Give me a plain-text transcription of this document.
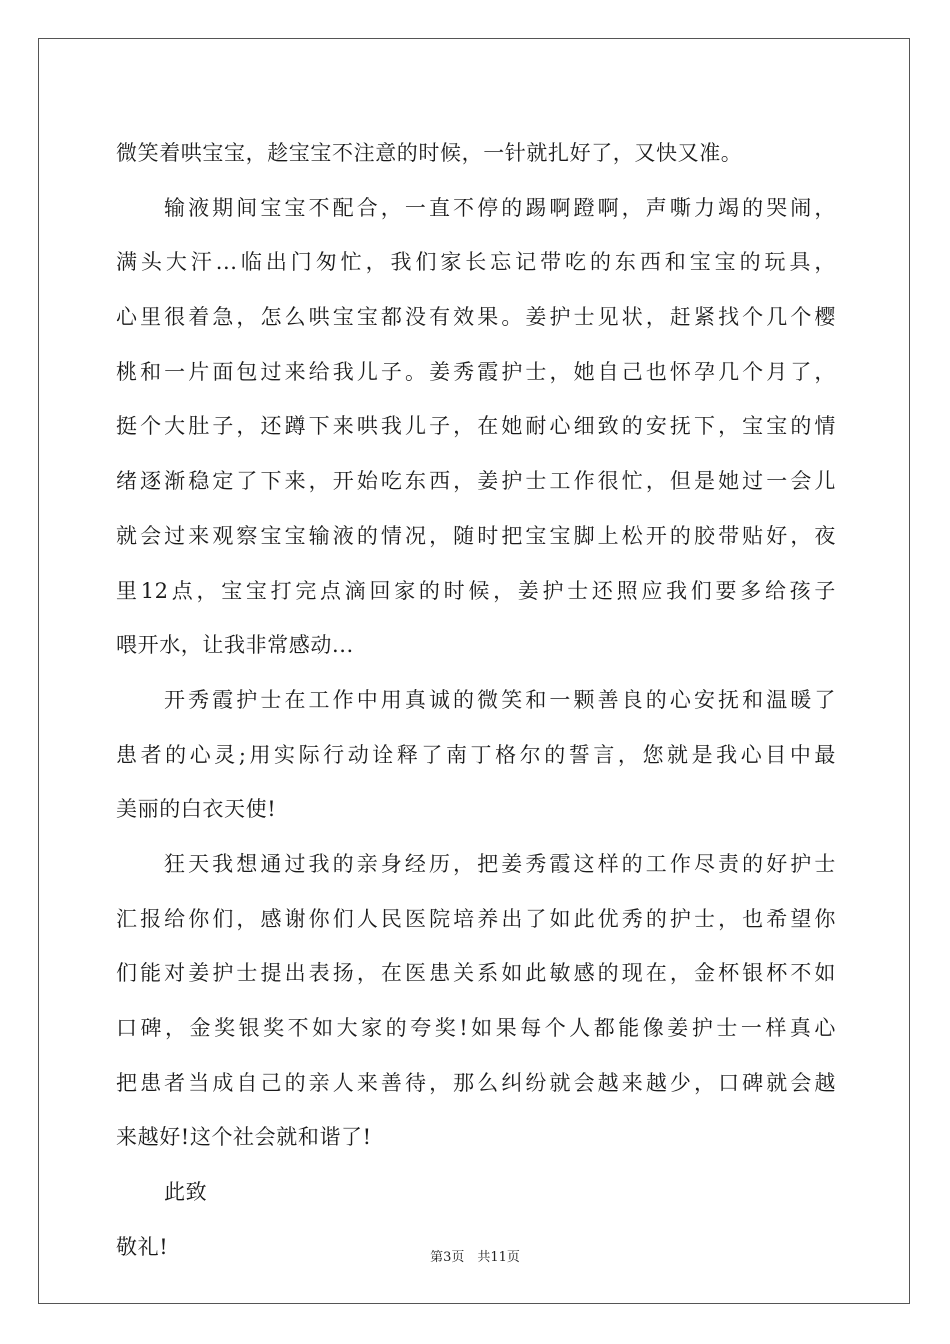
微笑着哄宝宝，趁宝宝不注意的时候，一针就扎好了，又快又准。
输液期间宝宝不配合，一直不停的踢啊蹬啊，声嘶力竭的哭闹，
满头大汗...临出门匆忙，我们家长忘记带吃的东西和宝宝的玩具，
心里很着急，怎么哄宝宝都没有效果。姜护士见状，赶紧找个几个樱
桃和一片面包过来给我儿子。姜秀霞护士，她自己也怀孕几个月了，
挺个大肚子，还蹲下来哄我儿子，在她耐心细致的安抚下，宝宝的情
绪逐渐稳定了下来，开始吃东西，姜护士工作很忙，但是她过一会儿
就会过来观察宝宝输液的情况，随时把宝宝脚上松开的胶带贴好，夜
里12点，宝宝打完点滴回家的时候，姜护士还照应我们要多给孩子
喂开水，让我非常感动...
开秀霞护士在工作中用真诚的微笑和一颗善良的心安抚和温暖了
患者的心灵;用实际行动诠释了南丁格尔的誓言，您就是我心目中最
美丽的白衣天使!
狂天我想通过我的亲身经历，把姜秀霞这样的工作尽责的好护士
汇报给你们，感谢你们人民医院培养出了如此优秀的护士，也希望你
们能对姜护士提出表扬，在医患关系如此敏感的现在，金杯银杯不如
口碑，金奖银奖不如大家的夸奖!如果每个人都能像姜护士一样真心
把患者当成自己的亲人来善待，那么纠纷就会越来越少，口碑就会越
来越好!这个社会就和谐了!
此致
敬礼!	第3页　共11页
